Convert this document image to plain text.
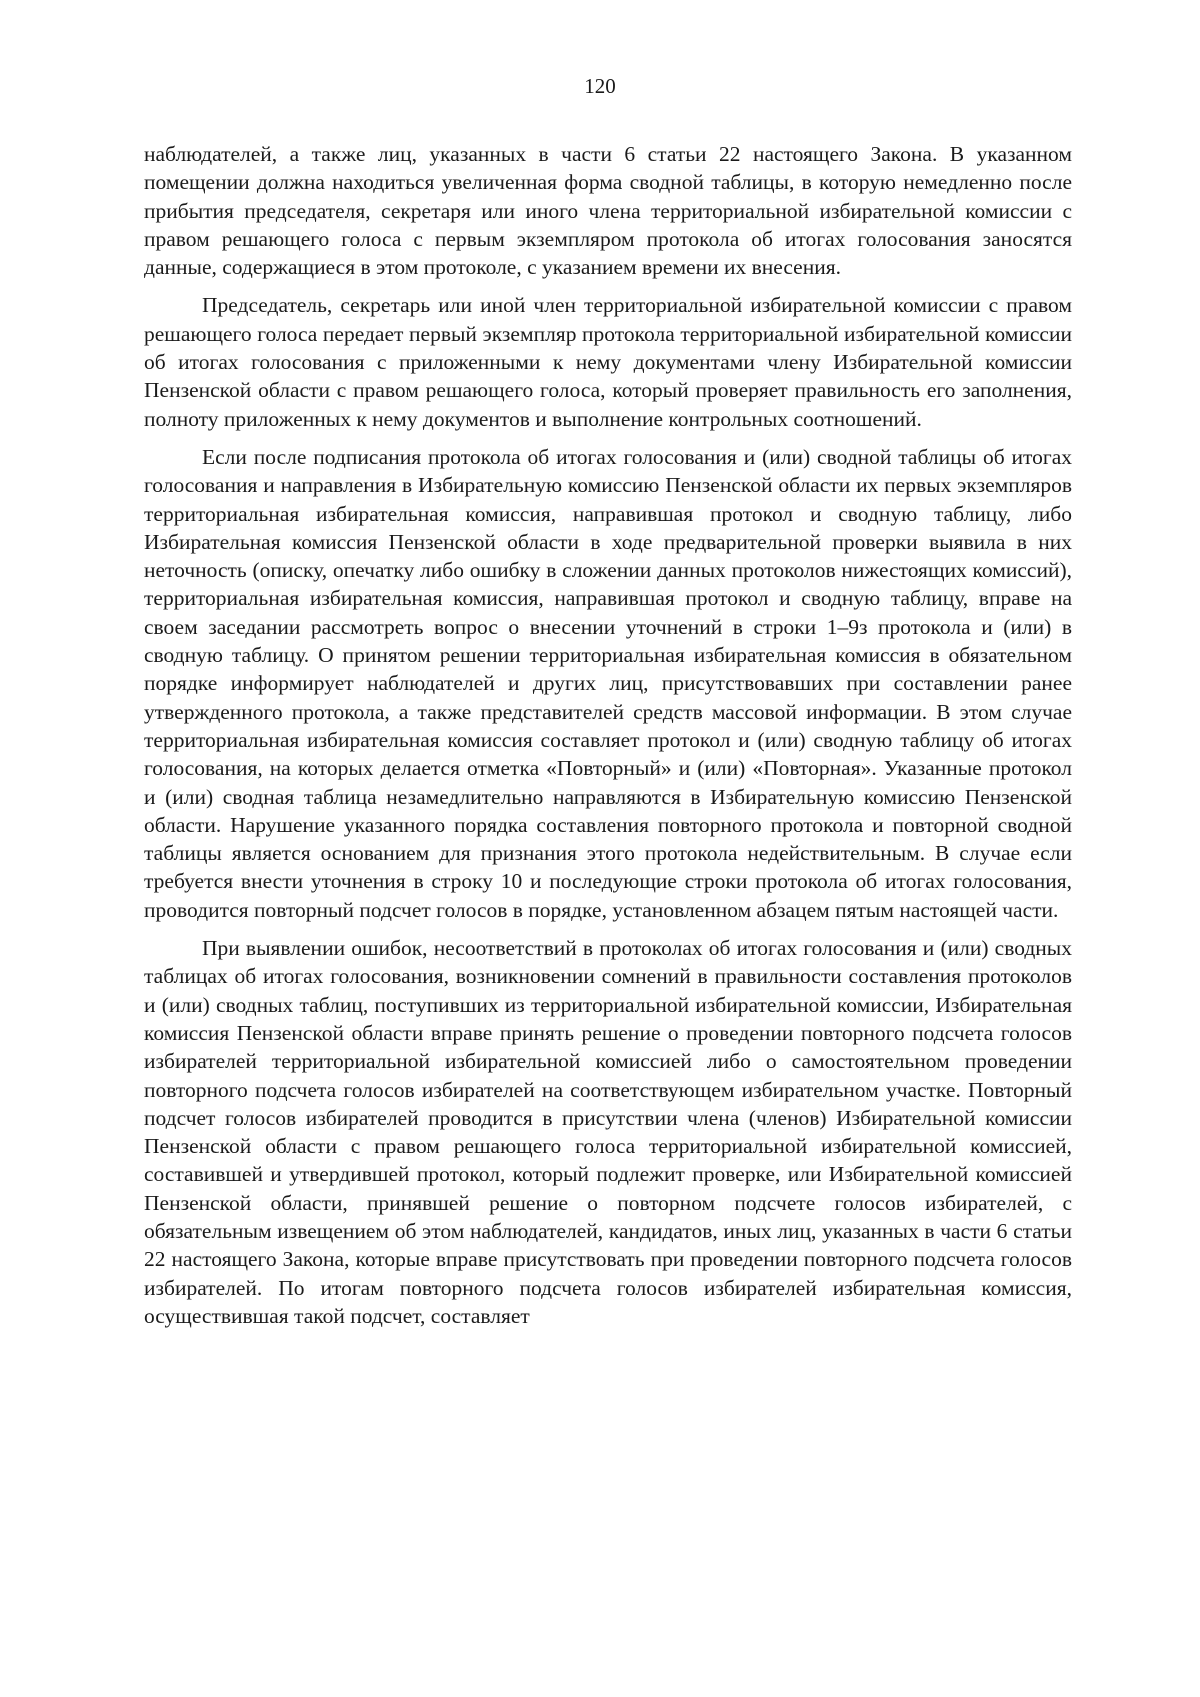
120

наблюдателей, а также лиц, указанных в части 6 статьи 22 настоящего Закона. В указанном помещении должна находиться увеличенная форма сводной таблицы, в которую немедленно после прибытия председателя, секретаря или иного члена территориальной избирательной комиссии с правом решающего голоса с первым экземпляром протокола об итогах голосования заносятся данные, содержащиеся в этом протоколе, с указанием времени их внесения.

Председатель, секретарь или иной член территориальной избирательной комиссии с правом решающего голоса передает первый экземпляр протокола территориальной избирательной комиссии об итогах голосования с приложенными к нему документами члену Избирательной комиссии Пензенской области с правом решающего голоса, который проверяет правильность его заполнения, полноту приложенных к нему документов и выполнение контрольных соотношений.

Если после подписания протокола об итогах голосования и (или) сводной таблицы об итогах голосования и направления в Избирательную комиссию Пензенской области их первых экземпляров территориальная избирательная комиссия, направившая протокол и сводную таблицу, либо Избирательная комиссия Пензенской области в ходе предварительной проверки выявила в них неточность (описку, опечатку либо ошибку в сложении данных протоколов нижестоящих комиссий), территориальная избирательная комиссия, направившая протокол и сводную таблицу, вправе на своем заседании рассмотреть вопрос о внесении уточнений в строки 1–9з протокола и (или) в сводную таблицу. О принятом решении территориальная избирательная комиссия в обязательном порядке информирует наблюдателей и других лиц, присутствовавших при составлении ранее утвержденного протокола, а также представителей средств массовой информации. В этом случае территориальная избирательная комиссия составляет протокол и (или) сводную таблицу об итогах голосования, на которых делается отметка «Повторный» и (или) «Повторная». Указанные протокол и (или) сводная таблица незамедлительно направляются в Избирательную комиссию Пензенской области. Нарушение указанного порядка составления повторного протокола и повторной сводной таблицы является основанием для признания этого протокола недействительным. В случае если требуется внести уточнения в строку 10 и последующие строки протокола об итогах голосования, проводится повторный подсчет голосов в порядке, установленном абзацем пятым настоящей части.

При выявлении ошибок, несоответствий в протоколах об итогах голосования и (или) сводных таблицах об итогах голосования, возникновении сомнений в правильности составления протоколов и (или) сводных таблиц, поступивших из территориальной избирательной комиссии, Избирательная комиссия Пензенской области вправе принять решение о проведении повторного подсчета голосов избирателей территориальной избирательной комиссией либо о самостоятельном проведении повторного подсчета голосов избирателей на соответствующем избирательном участке. Повторный подсчет голосов избирателей проводится в присутствии члена (членов) Избирательной комиссии Пензенской области с правом решающего голоса территориальной избирательной комиссией, составившей и утвердившей протокол, который подлежит проверке, или Избирательной комиссией Пензенской области, принявшей решение о повторном подсчете голосов избирателей, с обязательным извещением об этом наблюдателей, кандидатов, иных лиц, указанных в части 6 статьи 22 настоящего Закона, которые вправе присутствовать при проведении повторного подсчета голосов избирателей. По итогам повторного подсчета голосов избирателей избирательная комиссия, осуществившая такой подсчет, составляет
